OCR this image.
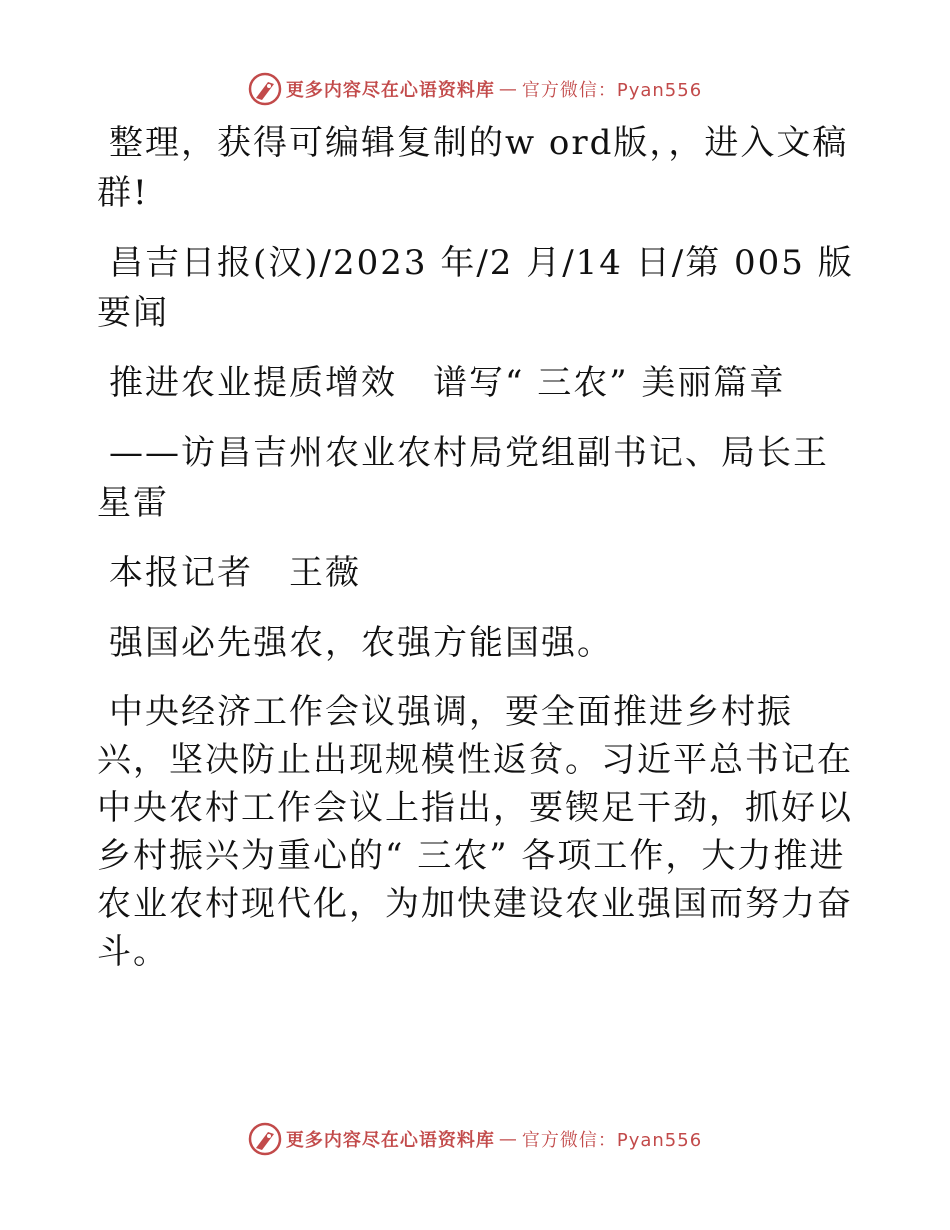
更多内容尽在心语资料库 — 官方微信：Pyan556

整理，获得可编辑复制的w ord版，，进入文稿群!

昌吉日报(汉)/2023 年/2 月/14 日/第 005 版要闻

推进农业提质增效　谱写“ 三农” 美丽篇章

——访昌吉州农业农村局党组副书记、局长王星雷

本报记者　王薇

强国必先强农，农强方能国强。

中央经济工作会议强调，要全面推进乡村振兴，坚决防止出现规模性返贫。习近平总书记在中央农村工作会议上指出，要锲足干劲，抓好以乡村振兴为重心的“ 三农” 各项工作，大力推进农业农村现代化，为加快建设农业强国而努力奋斗。

更多内容尽在心语资料库 — 官方微信：Pyan556
